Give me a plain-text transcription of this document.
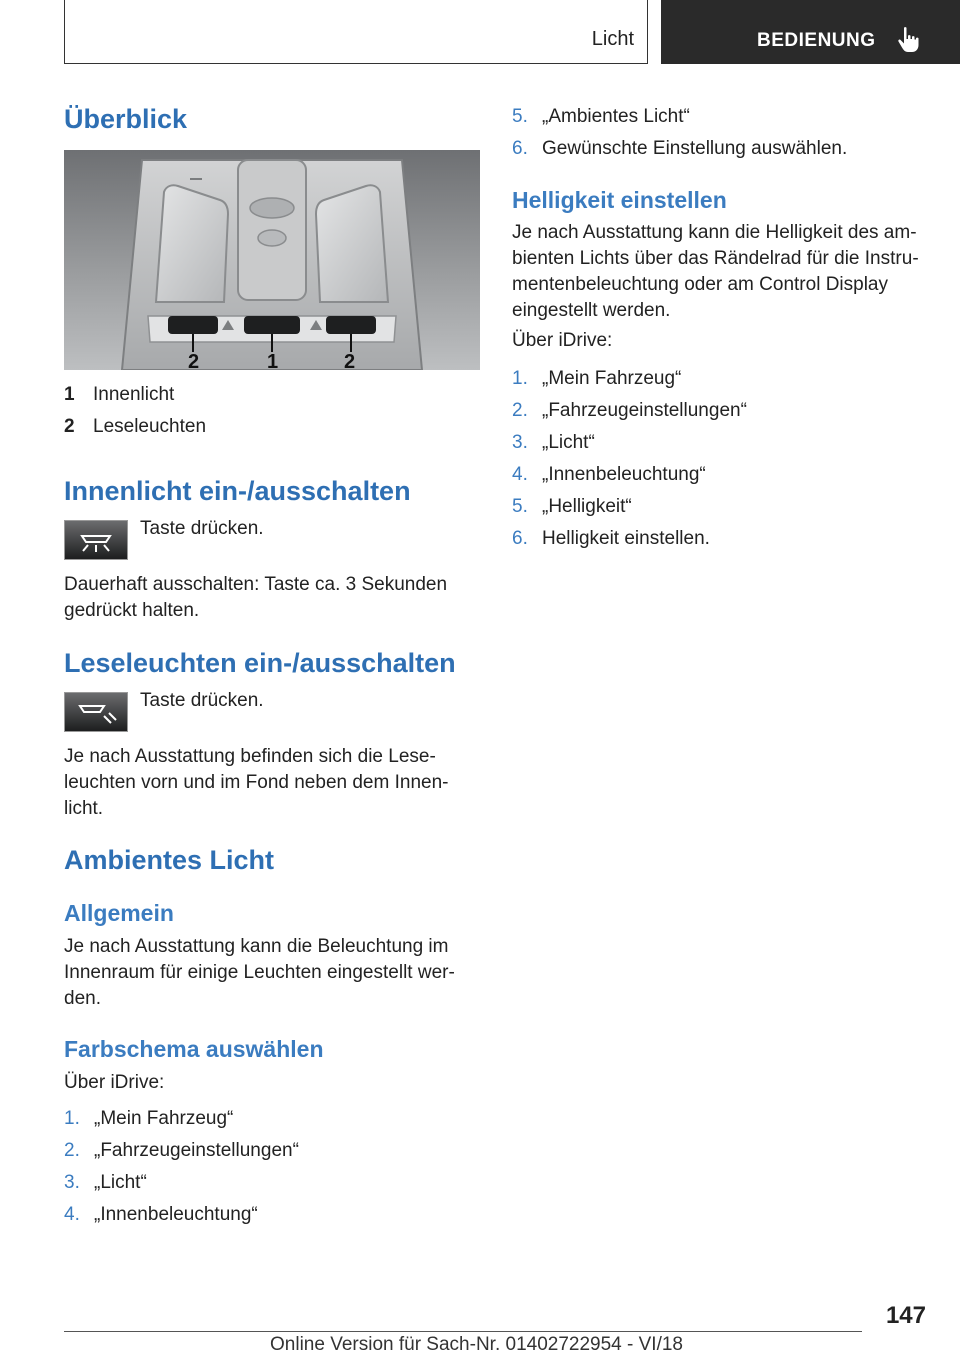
Licht	BEDIENUNG
Überblick
2	1	2
1 Innenlicht
2 Leseleuchten
Innenlicht ein-/ausschalten
Taste drücken.
Dauerhaft ausschalten: Taste ca. 3 Sekunden gedrückt halten.
Leseleuchten ein-/ausschalten
Taste drücken.
Je nach Ausstattung befinden sich die Leseleuchten vorn und im Fond neben dem Innenlicht.
Ambientes Licht
Allgemein
Je nach Ausstattung kann die Beleuchtung im Innenraum für einige Leuchten eingestellt werden.
Farbschema auswählen
Über iDrive:
1. „Mein Fahrzeug“
2. „Fahrzeugeinstellungen“
3. „Licht“
4. „Innenbeleuchtung“
5. „Ambientes Licht“
6. Gewünschte Einstellung auswählen.
Helligkeit einstellen
Je nach Ausstattung kann die Helligkeit des ambienten Lichts über das Rändelrad für die Instrumentenbeleuchtung oder am Control Display eingestellt werden.
Über iDrive:
1. „Mein Fahrzeug“
2. „Fahrzeugeinstellungen“
3. „Licht“
4. „Innenbeleuchtung“
5. „Helligkeit“
6. Helligkeit einstellen.
147
Online Version für Sach-Nr. 01402722954 - VI/18
